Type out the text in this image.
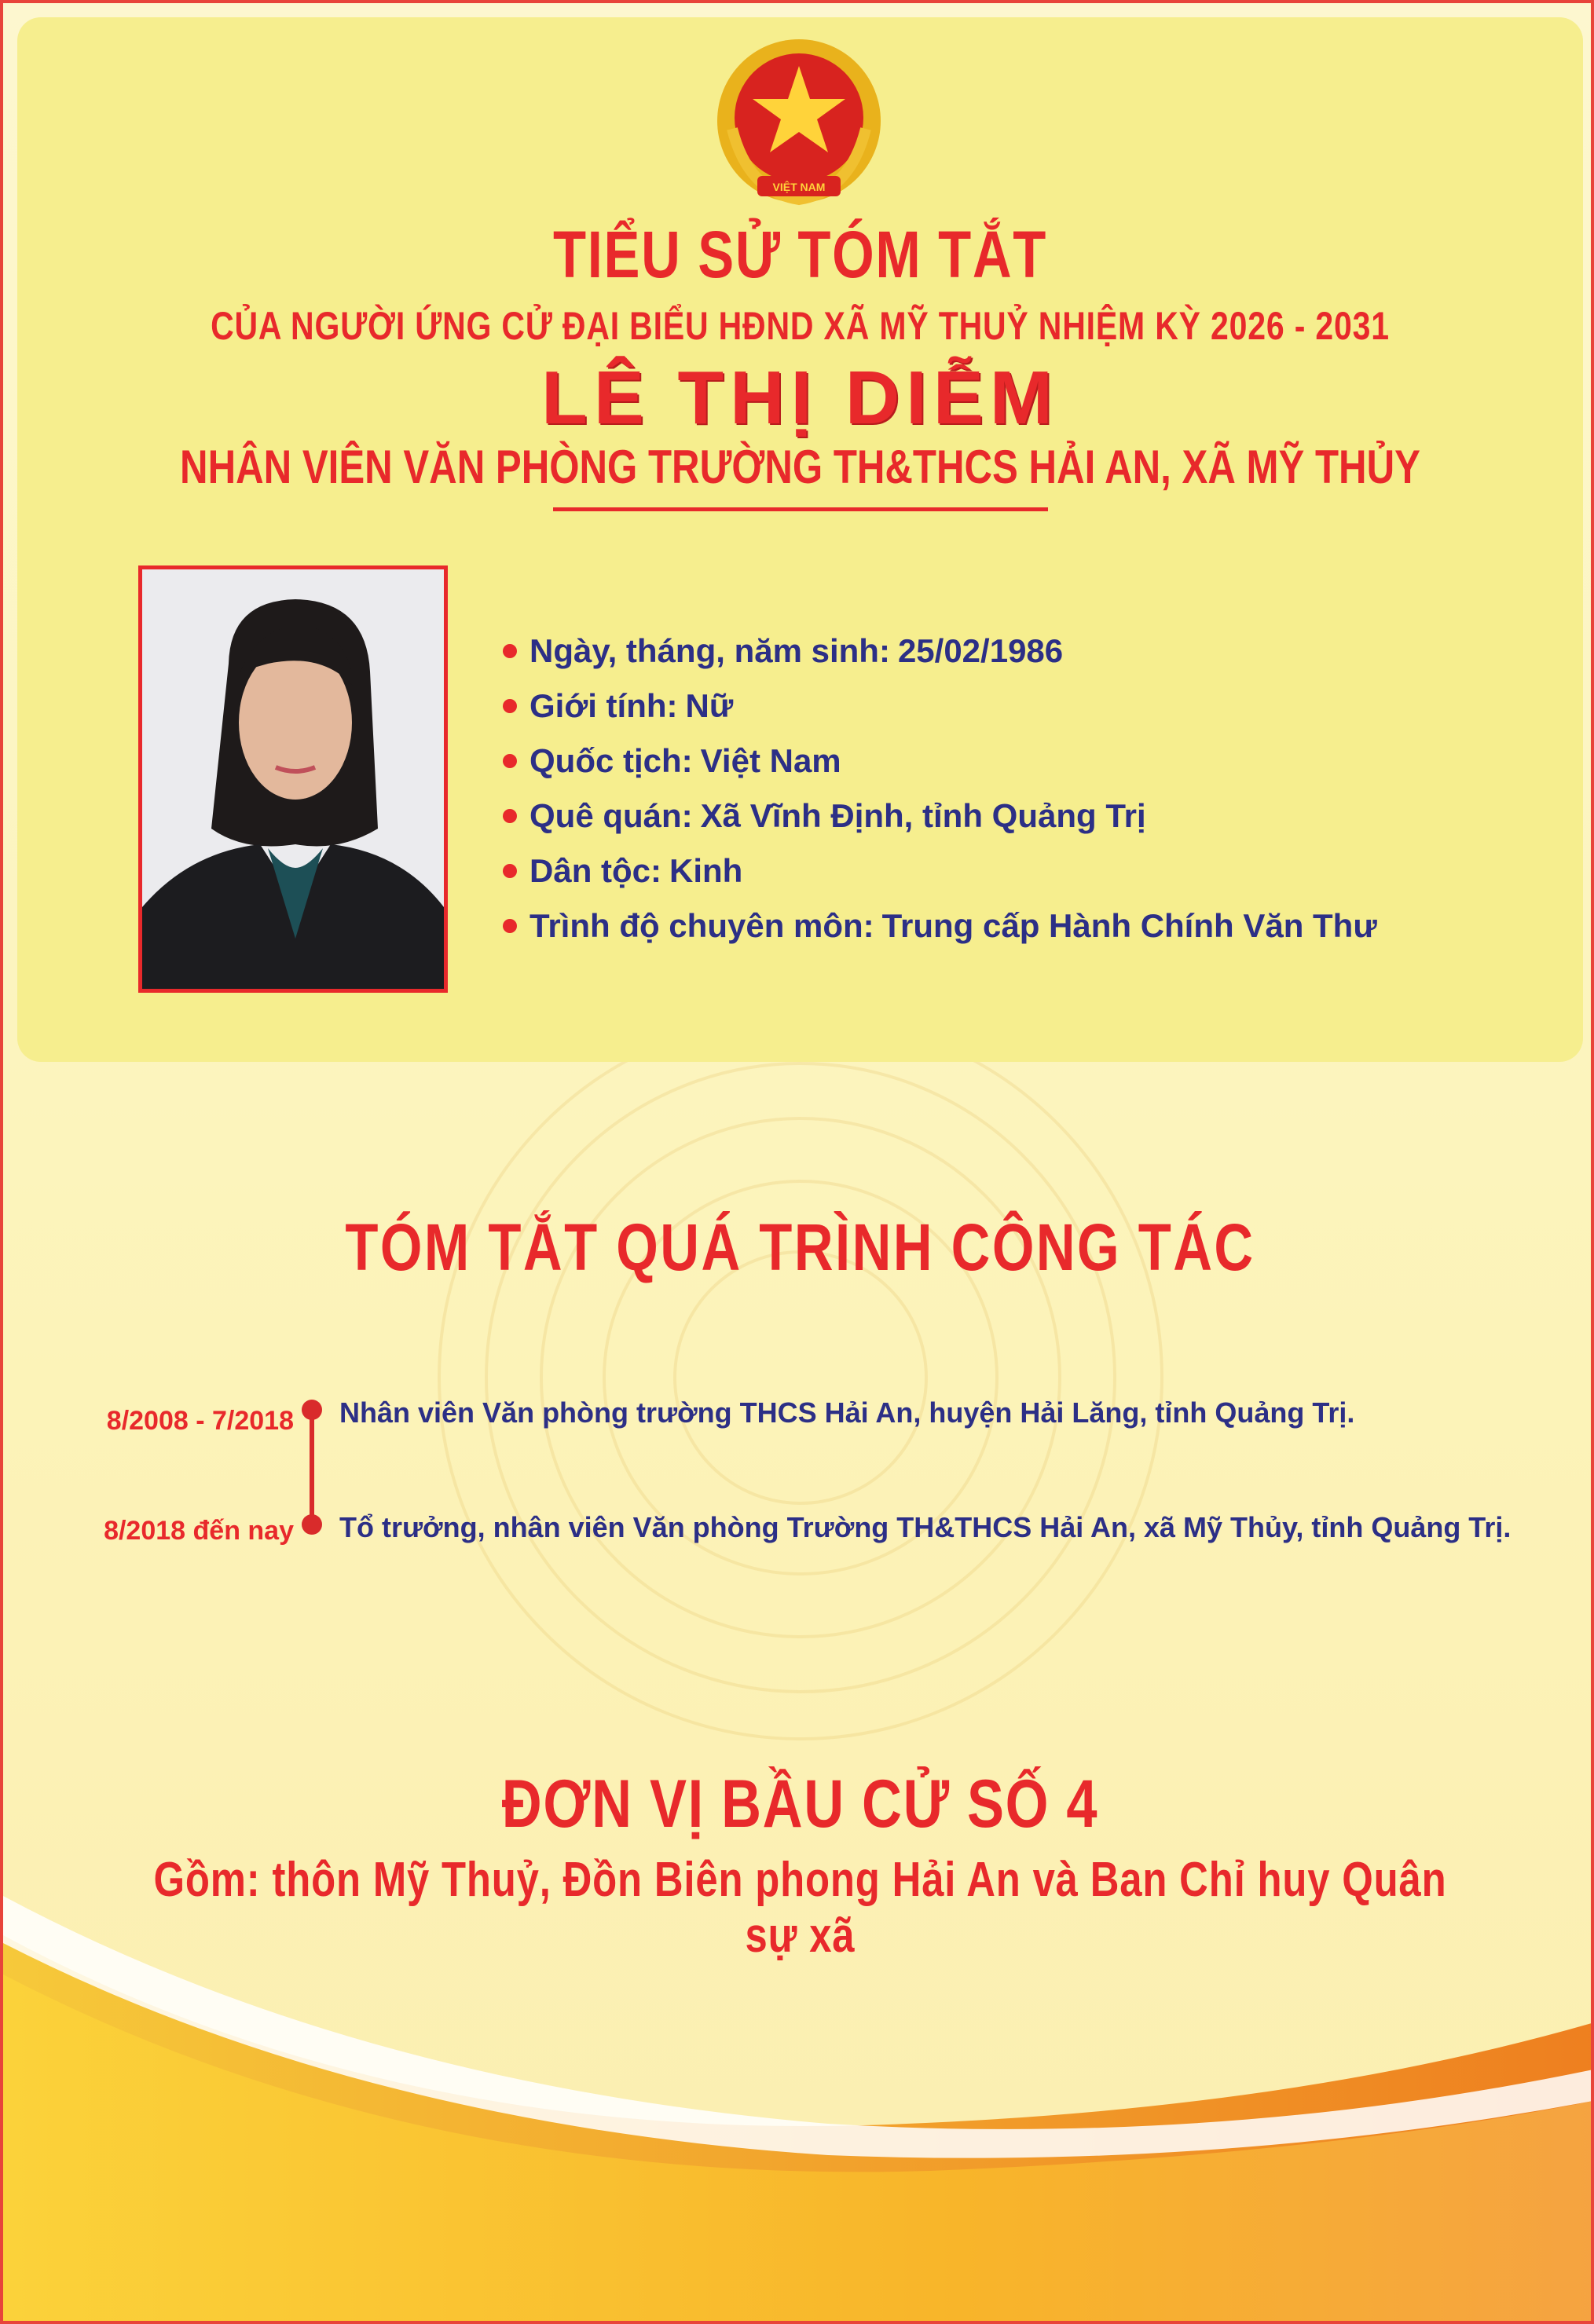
VIỆT NAM
TIỂU SỬ TÓM TẮT
CỦA NGƯỜI ỨNG CỬ ĐẠI BIỂU HĐND XÃ MỸ THUỶ NHIỆM KỲ 2026 - 2031
LÊ THỊ DIỄM
NHÂN VIÊN VĂN PHÒNG TRƯỜNG TH&THCS HẢI AN, XÃ MỸ THỦY
Ngày, tháng, năm sinh: 25/02/1986
Giới tính: Nữ
Quốc tịch: Việt Nam
Quê quán: Xã Vĩnh Định, tỉnh Quảng Trị
Dân tộc: Kinh
Trình độ chuyên môn: Trung cấp Hành Chính Văn Thư
TÓM TẮT QUÁ TRÌNH CÔNG TÁC
8/2008 - 7/2018 Nhân viên Văn phòng trường THCS Hải An, huyện Hải Lăng, tỉnh Quảng Trị.
8/2018 đến nay Tổ trưởng, nhân viên Văn phòng Trường TH&THCS Hải An, xã Mỹ Thủy, tỉnh Quảng Trị.
ĐƠN VỊ BẦU CỬ SỐ 4
Gồm: thôn Mỹ Thuỷ, Đồn Biên phong Hải An và Ban Chỉ huy Quân sự xã
